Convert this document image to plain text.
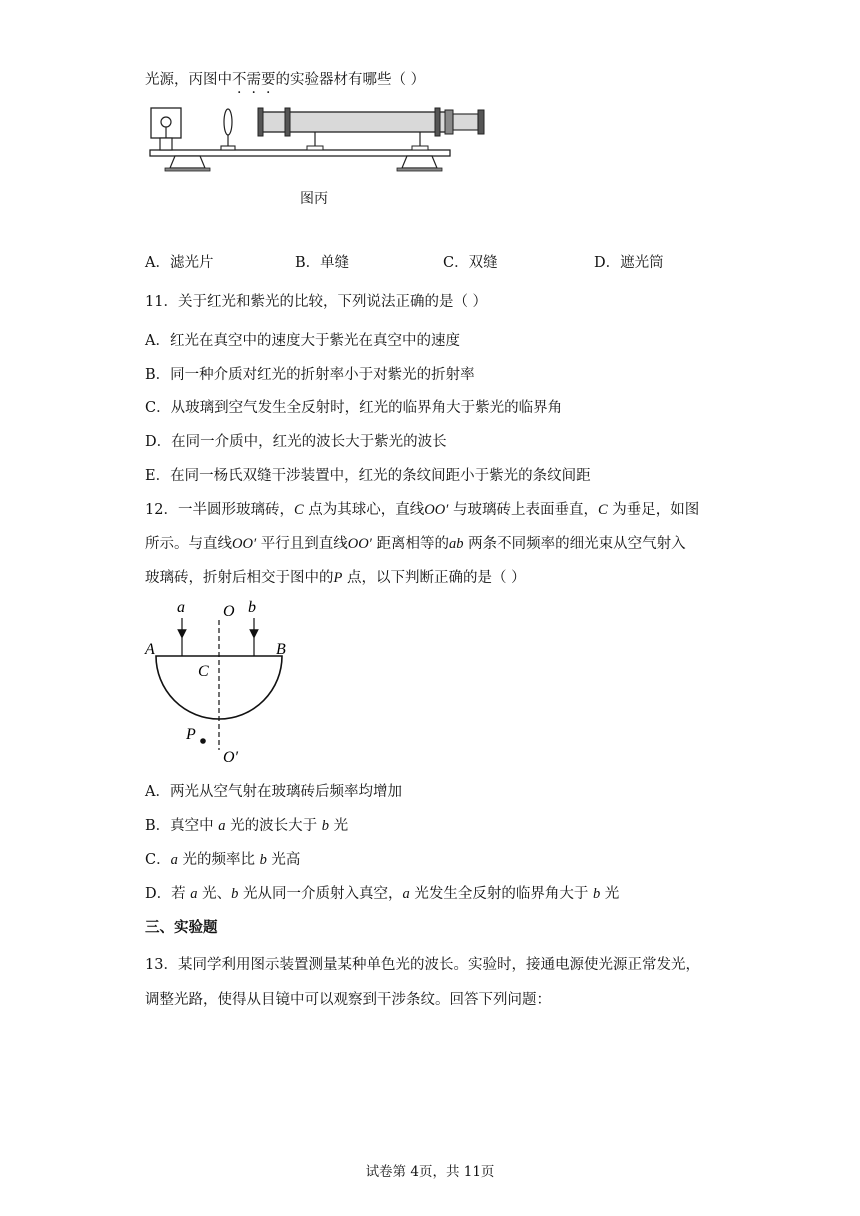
光源，丙图中不需要的实验器材有哪些（ ）
图丙
A．滤光片	B．单缝	C．双缝	D．遮光筒
11．关于红光和紫光的比较，下列说法正确的是（ ）
A．红光在真空中的速度大于紫光在真空中的速度
B．同一种介质对红光的折射率小于对紫光的折射率
C．从玻璃到空气发生全反射时，红光的临界角大于紫光的临界角
D．在同一介质中，红光的波长大于紫光的波长
E．在同一杨氏双缝干涉装置中，红光的条纹间距小于紫光的条纹间距
12．一半圆形玻璃砖，C 点为其球心，直线OO′ 与玻璃砖上表面垂直，C 为垂足，如图
所示。与直线OO′ 平行且到直线OO′ 距离相等的ab 两条不同频率的细光束从空气射入
玻璃砖，折射后相交于图中的P 点，以下判断正确的是（ ）
a O b
A	B
C
P
O′
A．两光从空气射在玻璃砖后频率均增加
B．真空中 a 光的波长大于 b 光
C．a 光的频率比 b 光高
D．若 a 光、b 光从同一介质射入真空，a 光发生全反射的临界角大于 b 光
三、实验题
13．某同学利用图示装置测量某种单色光的波长。实验时，接通电源使光源正常发光，
调整光路，使得从目镜中可以观察到干涉条纹。回答下列问题：
试卷第 4页，共 11页
